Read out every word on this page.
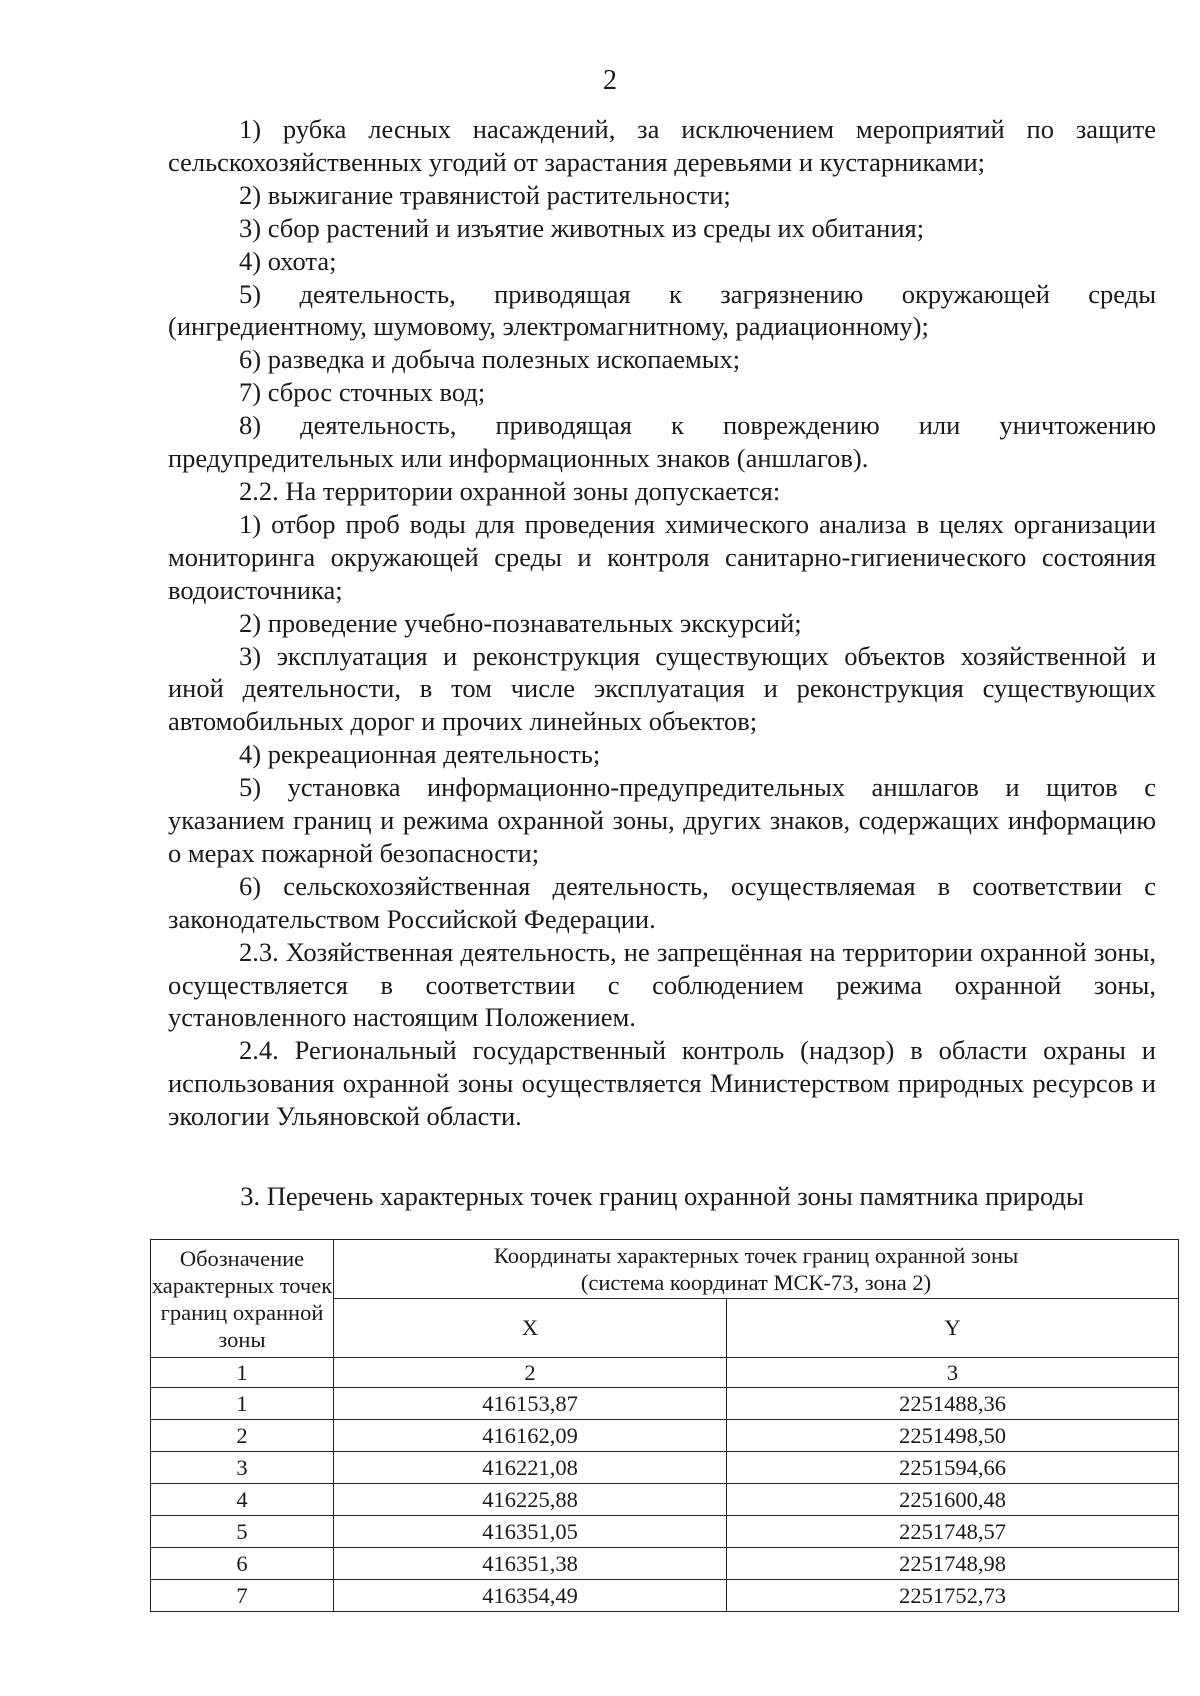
2

1) рубка лесных насаждений, за исключением мероприятий по защите сельскохозяйственных угодий от зарастания деревьями и кустарниками;

2) выжигание травянистой растительности;

3) сбор растений и изъятие животных из среды их обитания;

4) охота;

5) деятельность, приводящая к загрязнению окружающей среды (ингредиентному, шумовому, электромагнитному, радиационному);

6) разведка и добыча полезных ископаемых;

7) сброс сточных вод;

8) деятельность, приводящая к повреждению или уничтожению предупредительных или информационных знаков (аншлагов).

2.2. На территории охранной зоны допускается:

1) отбор проб воды для проведения химического анализа в целях организации мониторинга окружающей среды и контроля санитарно-гигиенического состояния водоисточника;

2) проведение учебно-познавательных экскурсий;

3) эксплуатация и реконструкция существующих объектов хозяйственной и иной деятельности, в том числе эксплуатация и реконструкция существующих автомобильных дорог и прочих линейных объектов;

4) рекреационная деятельность;

5) установка информационно-предупредительных аншлагов и щитов с указанием границ и режима охранной зоны, других знаков, содержащих информацию о мерах пожарной безопасности;

6) сельскохозяйственная деятельность, осуществляемая в соответствии с законодательством Российской Федерации.

2.3. Хозяйственная деятельность, не запрещённая на территории охранной зоны, осуществляется в соответствии с соблюдением режима охранной зоны, установленного настоящим Положением.

2.4. Региональный государственный контроль (надзор) в области охраны и использования охранной зоны осуществляется Министерством природных ресурсов и экологии Ульяновской области.

3. Перечень характерных точек границ охранной зоны памятника природы
Обозначение характерных точек границ охранной зоны	Координаты характерных точек границ охранной зоны
(система координат МСК-73, зона 2)	

	X	Y
1	2	3
1	416153,87	2251488,36
2	416162,09	2251498,50
3	416221,08	2251594,66
4	416225,88	2251600,48
5	416351,05	2251748,57
6	416351,38	2251748,98
7	416354,49	2251752,73
